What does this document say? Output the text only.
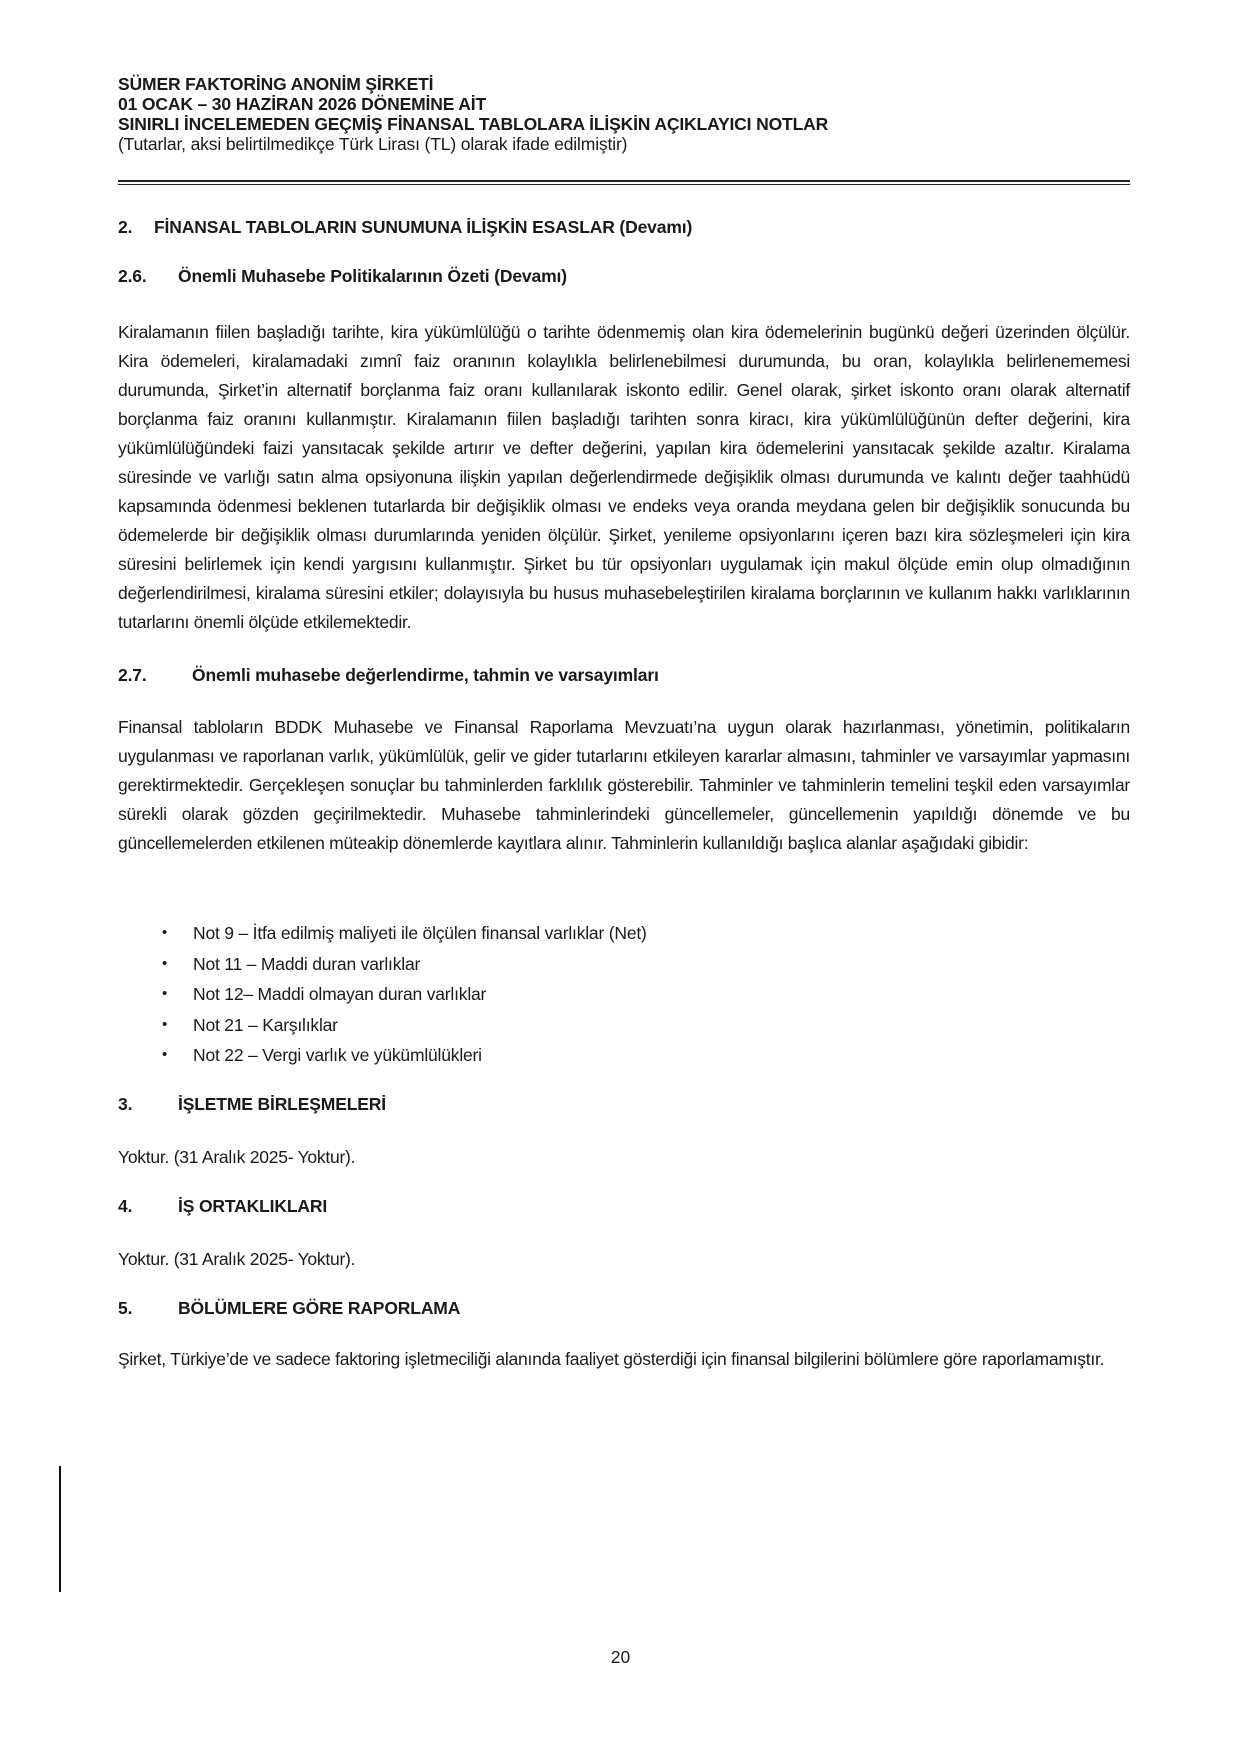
SÜMER FAKTORİNG ANONİM ŞİRKETİ
01 OCAK – 30 HAZİRAN 2026 DÖNEMİNE AİT
SINIRLI İNCELEMEDEN GEÇMİŞ FİNANSAL TABLOLARA İLİŞKİN AÇIKLAYICI NOTLAR
(Tutarlar, aksi belirtilmedikçe Türk Lirası (TL) olarak ifade edilmiştir)
2. FİNANSAL TABLOLARIN SUNUMUNA İLİŞKİN ESASLAR (Devamı)
2.6. Önemli Muhasebe Politikalarının Özeti (Devamı)
Kiralamanın fiilen başladığı tarihte, kira yükümlülüğü o tarihte ödenmemiş olan kira ödemelerinin bugünkü değeri üzerinden ölçülür. Kira ödemeleri, kiralamadaki zımnî faiz oranının kolaylıkla belirlenebilmesi durumunda, bu oran, kolaylıkla belirlenememesi durumunda, Şirket’in alternatif borçlanma faiz oranı kullanılarak iskonto edilir. Genel olarak, şirket iskonto oranı olarak alternatif borçlanma faiz oranını kullanmıştır. Kiralamanın fiilen başladığı tarihten sonra kiracı, kira yükümlülüğünün defter değerini, kira yükümlülüğündeki faizi yansıtacak şekilde artırır ve defter değerini, yapılan kira ödemelerini yansıtacak şekilde azaltır. Kiralama süresinde ve varlığı satın alma opsiyonuna ilişkin yapılan değerlendirmede değişiklik olması durumunda ve kalıntı değer taahhüdü kapsamında ödenmesi beklenen tutarlarda bir değişiklik olması ve endeks veya oranda meydana gelen bir değişiklik sonucunda bu ödemelerde bir değişiklik olması durumlarında yeniden ölçülür. Şirket, yenileme opsiyonlarını içeren bazı kira sözleşmeleri için kira süresini belirlemek için kendi yargısını kullanmıştır. Şirket bu tür opsiyonları uygulamak için makul ölçüde emin olup olmadığının değerlendirilmesi, kiralama süresini etkiler; dolayısıyla bu husus muhasebeleştirilen kiralama borçlarının ve kullanım hakkı varlıklarının tutarlarını önemli ölçüde etkilemektedir.
2.7.	Önemli muhasebe değerlendirme, tahmin ve varsayımları
Finansal tabloların BDDK Muhasebe ve Finansal Raporlama Mevzuatı’na uygun olarak hazırlanması, yönetimin, politikaların uygulanması ve raporlanan varlık, yükümlülük, gelir ve gider tutarlarını etkileyen kararlar almasını, tahminler ve varsayımlar yapmasını gerektirmektedir. Gerçekleşen sonuçlar bu tahminlerden farklılık gösterebilir. Tahminler ve tahminlerin temelini teşkil eden varsayımlar sürekli olarak gözden geçirilmektedir. Muhasebe tahminlerindeki güncellemeler, güncellemenin yapıldığı dönemde ve bu güncellemelerden etkilenen müteakip dönemlerde kayıtlara alınır. Tahminlerin kullanıldığı başlıca alanlar aşağıdaki gibidir:
• Not 9 – İtfa edilmiş maliyeti ile ölçülen finansal varlıklar (Net)
• Not 11 – Maddi duran varlıklar
• Not 12– Maddi olmayan duran varlıklar
• Not 21 – Karşılıklar
• Not 22 – Vergi varlık ve yükümlülükleri
3.	İŞLETME BİRLEŞMELERİ
Yoktur. (31 Aralık 2025- Yoktur).
4.	İŞ ORTAKLIKLARI
Yoktur. (31 Aralık 2025- Yoktur).
5.	BÖLÜMLERE GÖRE RAPORLAMA
Şirket, Türkiye’de ve sadece faktoring işletmeciliği alanında faaliyet gösterdiği için finansal bilgilerini bölümlere göre raporlamamıştır.
20
